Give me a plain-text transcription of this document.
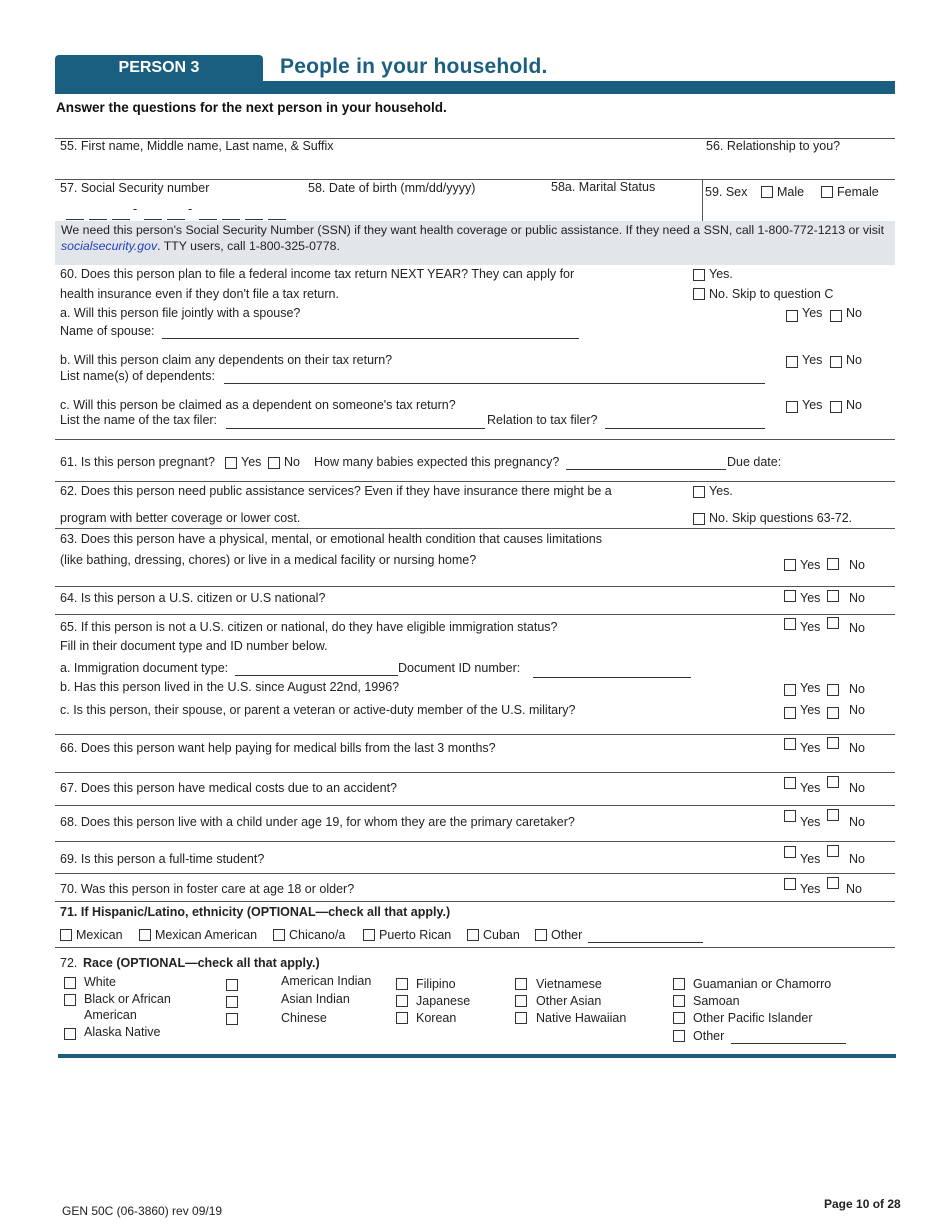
PERSON 3	People in your household.
Answer the questions for the next person in your household.
55. First name, Middle name, Last name, & Suffix	56. Relationship to you?
57. Social Security number	58. Date of birth (mm/dd/yyyy)	58a. Marital Status	59. Sex Male	Female
-	-
We need this person's Social Security Number (SSN) if they want health coverage or public assistance. If they need a SSN, call 1-800-772-1213 or visit socialsecurity.gov. TTY users, call 1-800-325-0778.
60. Does this person plan to file a federal income tax return NEXT YEAR? They can apply for	Yes.
health insurance even if they don't file a tax return.	No. Skip to question C
a. Will this person file jointly with a spouse?	Yes No
Name of spouse:
b. Will this person claim any dependents on their tax return?	Yes No
List name(s) of dependents:
c. Will this person be claimed as a dependent on someone's tax return?	Yes No
List the name of the tax filer:	Relation to tax filer?
61. Is this person pregnant? Yes No How many babies expected this pregnancy?	Due date:
62. Does this person need public assistance services? Even if they have insurance there might be a	Yes.
program with better coverage or lower cost.	No. Skip questions 63-72.
63. Does this person have a physical, mental, or emotional health condition that causes limitations
(like bathing, dressing, chores) or live in a medical facility or nursing home?	Yes No
64. Is this person a U.S. citizen or U.S national?	Yes No
65. If this person is not a U.S. citizen or national, do they have eligible immigration status?	Yes No
Fill in their document type and ID number below.
a. Immigration document type:	Document ID number:
b. Has this person lived in the U.S. since August 22nd, 1996?	Yes No
c. Is this person, their spouse, or parent a veteran or active-duty member of the U.S. military?	Yes No
66. Does this person want help paying for medical bills from the last 3 months?	Yes No
67. Does this person have medical costs due to an accident?	Yes No
68. Does this person live with a child under age 19, for whom they are the primary caretaker?	Yes No
69. Is this person a full-time student?	Yes No
70. Was this person in foster care at age 18 or older?	Yes No
71. If Hispanic/Latino, ethnicity (OPTIONAL—check all that apply.)
Mexican	Mexican American	Chicano/a	Puerto Rican	Cuban Other
72. Race (OPTIONAL—check all that apply.)
White
Black or African
American
Alaska Native
American Indian
Asian Indian
Chinese
Filipino
Japanese
Korean
Vietnamese
Other Asian
Native Hawaiian
Guamanian or Chamorro
Samoan
Other Pacific Islander
Other
GEN 50C (06-3860) rev 09/19	Page 10 of 28
